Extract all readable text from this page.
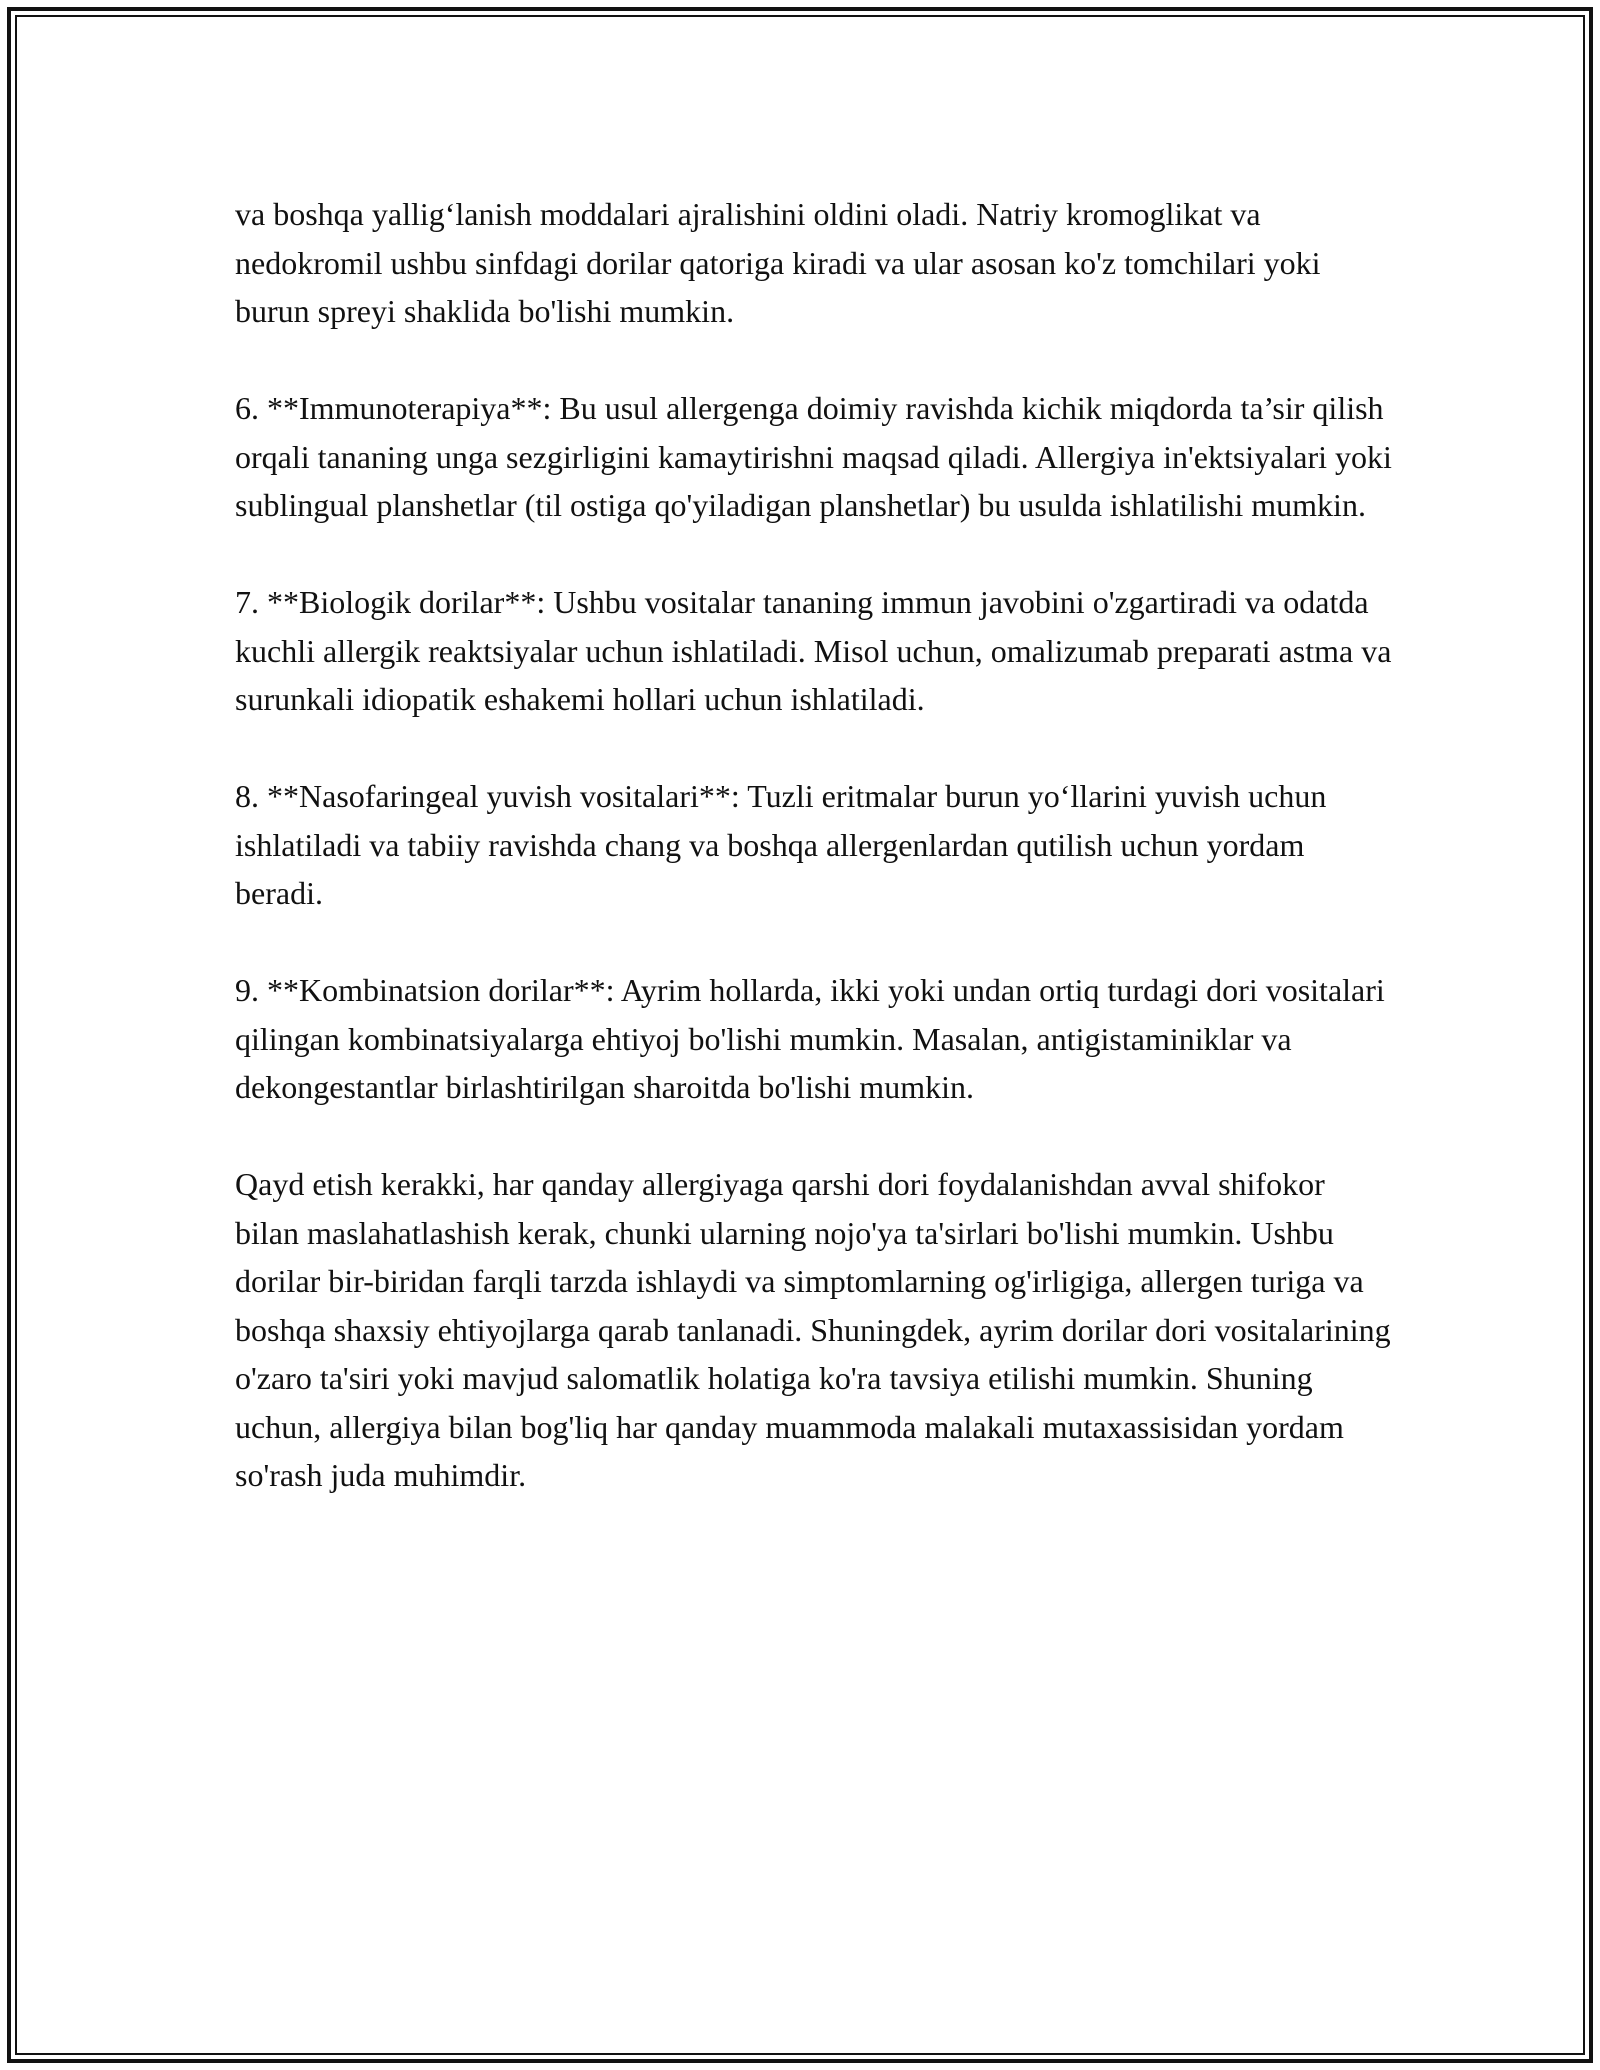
va boshqa yallig‘lanish moddalari ajralishini oldini oladi. Natriy kromoglikat va nedokromil ushbu sinfdagi dorilar qatoriga kiradi va ular asosan ko'z tomchilari yoki burun spreyi shaklida bo'lishi mumkin.

6. **Immunoterapiya**: Bu usul allergenga doimiy ravishda kichik miqdorda ta’sir qilish orqali tananing unga sezgirligini kamaytirishni maqsad qiladi. Allergiya in'ektsiyalari yoki sublingual planshetlar (til ostiga qo'yiladigan planshetlar) bu usulda ishlatilishi mumkin.

7. **Biologik dorilar**: Ushbu vositalar tananing immun javobini o'zgartiradi va odatda kuchli allergik reaktsiyalar uchun ishlatiladi. Misol uchun, omalizumab preparati astma va surunkali idiopatik eshakemi hollari uchun ishlatiladi.

8. **Nasofaringeal yuvish vositalari**: Tuzli eritmalar burun yo‘llarini yuvish uchun ishlatiladi va tabiiy ravishda chang va boshqa allergenlardan qutilish uchun yordam beradi.

9. **Kombinatsion dorilar**: Ayrim hollarda, ikki yoki undan ortiq turdagi dori vositalari qilingan kombinatsiyalarga ehtiyoj bo'lishi mumkin. Masalan, antigistaminiklar va dekongestantlar birlashtirilgan sharoitda bo'lishi mumkin.

Qayd etish kerakki, har qanday allergiyaga qarshi dori foydalanishdan avval shifokor bilan maslahatlashish kerak, chunki ularning nojo'ya ta'sirlari bo'lishi mumkin. Ushbu dorilar bir-biridan farqli tarzda ishlaydi va simptomlarning og'irligiga, allergen turiga va boshqa shaxsiy ehtiyojlarga qarab tanlanadi. Shuningdek, ayrim dorilar dori vositalarining o'zaro ta'siri yoki mavjud salomatlik holatiga ko'ra tavsiya etilishi mumkin. Shuning uchun, allergiya bilan bog'liq har qanday muammoda malakali mutaxassisidan yordam so'rash juda muhimdir.
